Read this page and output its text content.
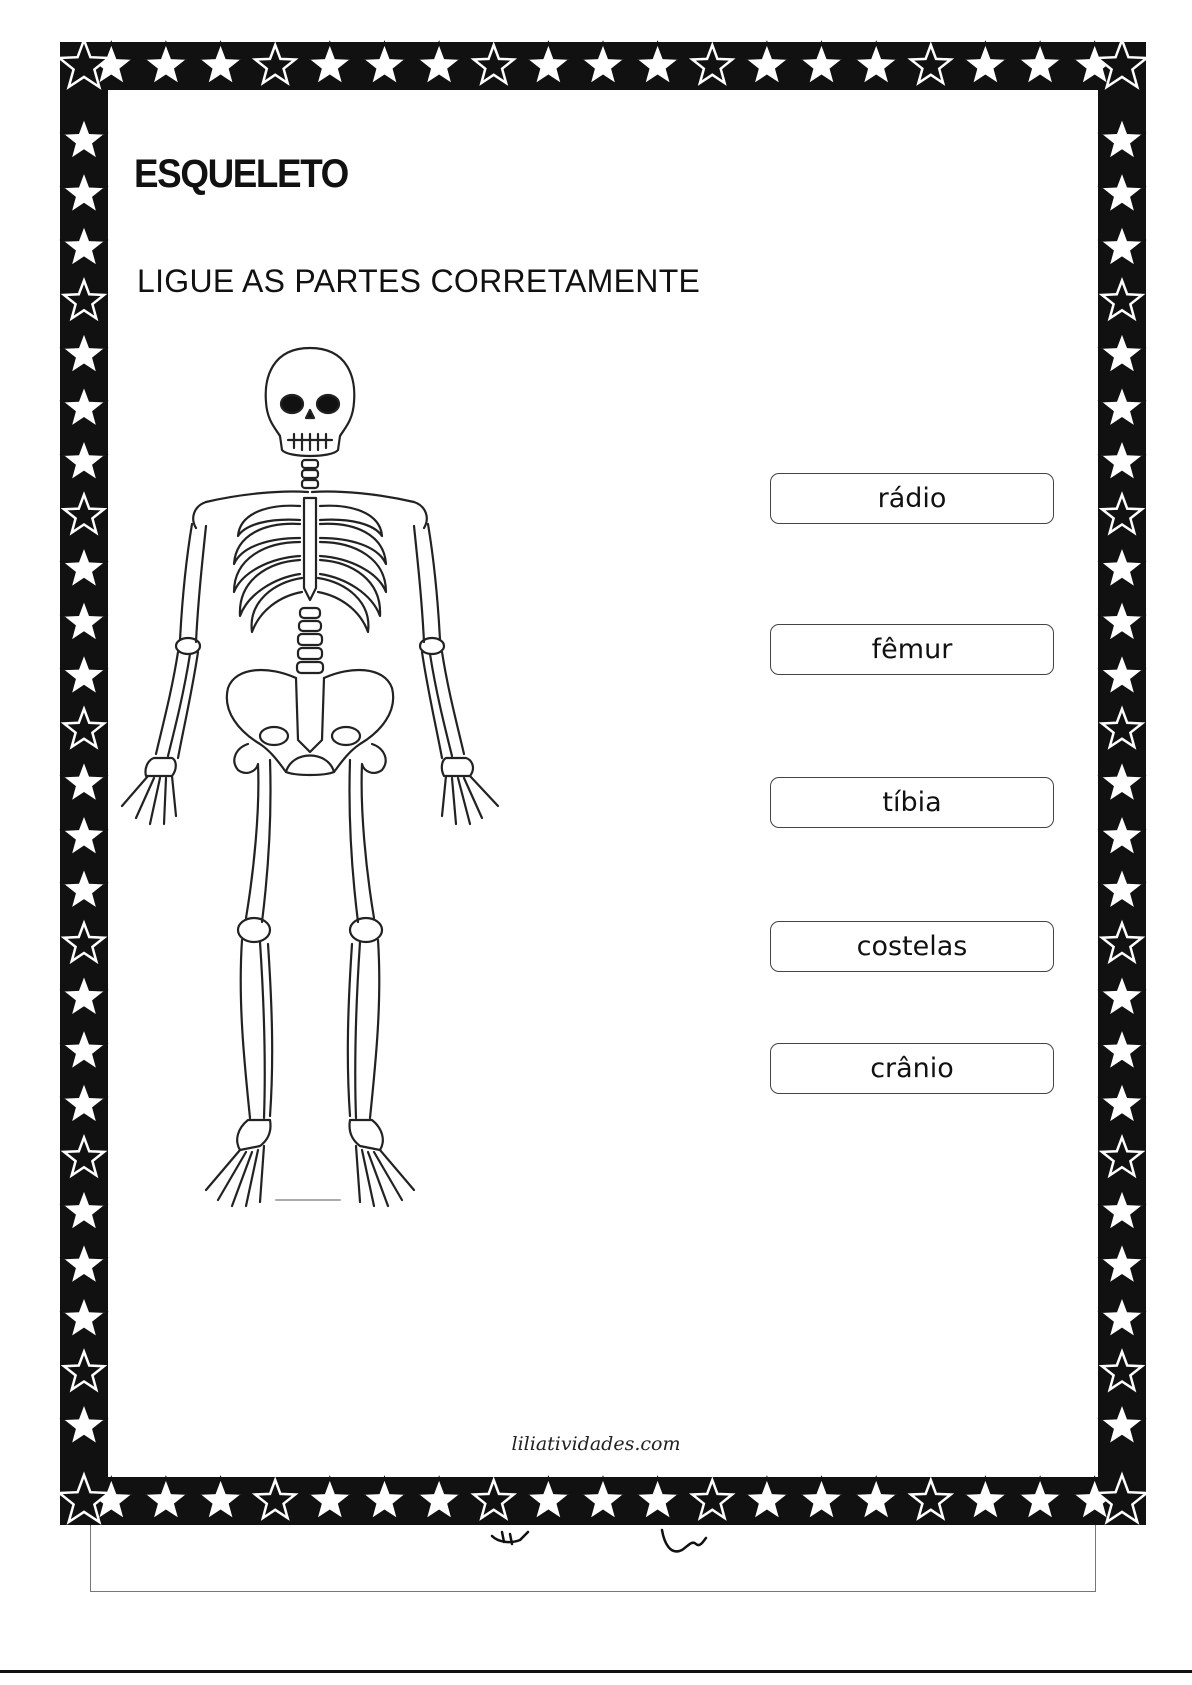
ESQUELETO
LIGUE AS PARTES CORRETAMENTE
rádio
fêmur
tíbia
costelas
crânio
liliatividades.com
